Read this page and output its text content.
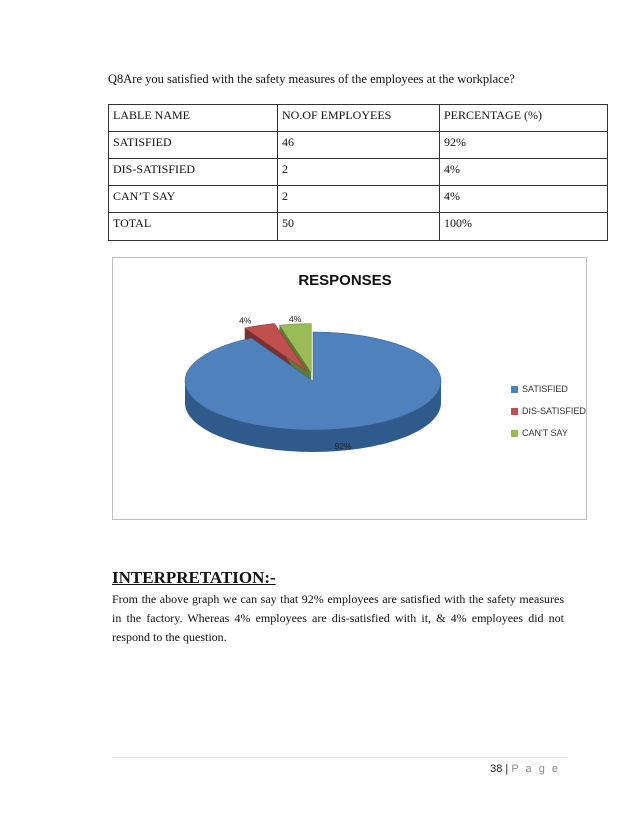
Q8Are you satisfied with the safety measures of the employees at the workplace?
LABLE NAME	NO.OF EMPLOYEES	PERCENTAGE (%)
SATISFIED	46	92%
DIS-SATISFIED	2	4%
CAN’T SAY	2	4%
TOTAL	50	100%
RESPONSES
92%
4%	4%
SATISFIED
DIS-SATISFIED
CAN'T SAY
INTERPRETATION:-
From the above graph we can say that 92% employees are satisfied with the safety measures in the factory. Whereas 4% employees are dis-satisfied with it, & 4% employees did not respond to the question.
38 | P a g e
